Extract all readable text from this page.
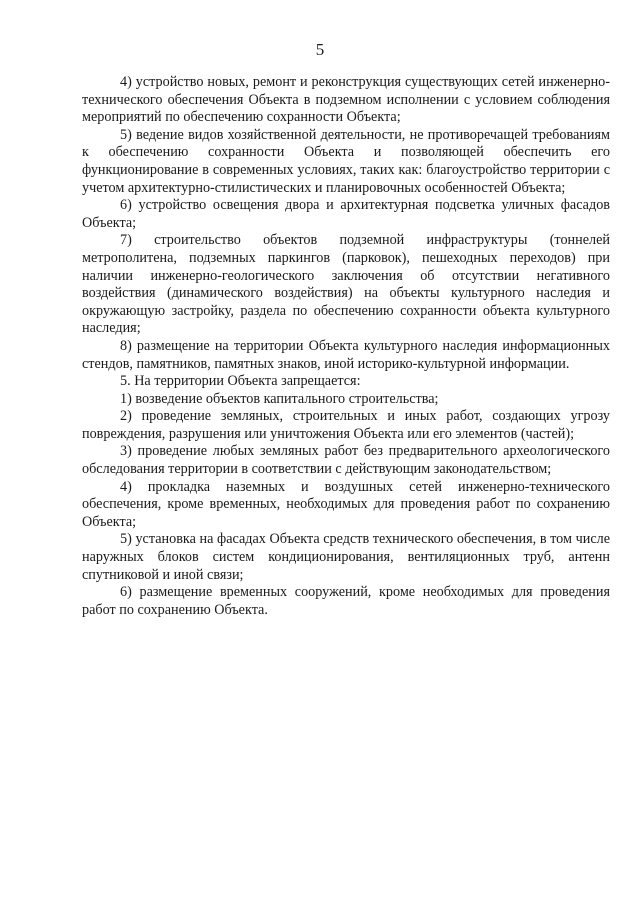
5

4) устройство новых, ремонт и реконструкция существующих сетей инженерно-технического обеспечения Объекта в подземном исполнении с условием соблюдения мероприятий по обеспечению сохранности Объекта;

5) ведение видов хозяйственной деятельности, не противоречащей требованиям к обеспечению сохранности Объекта и позволяющей обеспечить его функционирование в современных условиях, таких как: благоустройство территории с учетом архитектурно-стилистических и планировочных особенностей Объекта;

6) устройство освещения двора и архитектурная подсветка уличных фасадов Объекта;

7) строительство объектов подземной инфраструктуры (тоннелей метрополитена, подземных паркингов (парковок), пешеходных переходов) при наличии инженерно-геологического заключения об отсутствии негативного воздействия (динамического воздействия) на объекты культурного наследия и окружающую застройку, раздела по обеспечению сохранности объекта культурного наследия;

8) размещение на территории Объекта культурного наследия информационных стендов, памятников, памятных знаков, иной историко-культурной информации.

5. На территории Объекта запрещается:

1) возведение объектов капитального строительства;

2) проведение земляных, строительных и иных работ, создающих угрозу повреждения, разрушения или уничтожения Объекта или его элементов (частей);

3) проведение любых земляных работ без предварительного археологического обследования территории в соответствии с действующим законодательством;

4) прокладка наземных и воздушных сетей инженерно-технического обеспечения, кроме временных, необходимых для проведения работ по сохранению Объекта;

5) установка на фасадах Объекта средств технического обеспечения, в том числе наружных блоков систем кондиционирования, вентиляционных труб, антенн спутниковой и иной связи;

6) размещение временных сооружений, кроме необходимых для проведения работ по сохранению Объекта.
